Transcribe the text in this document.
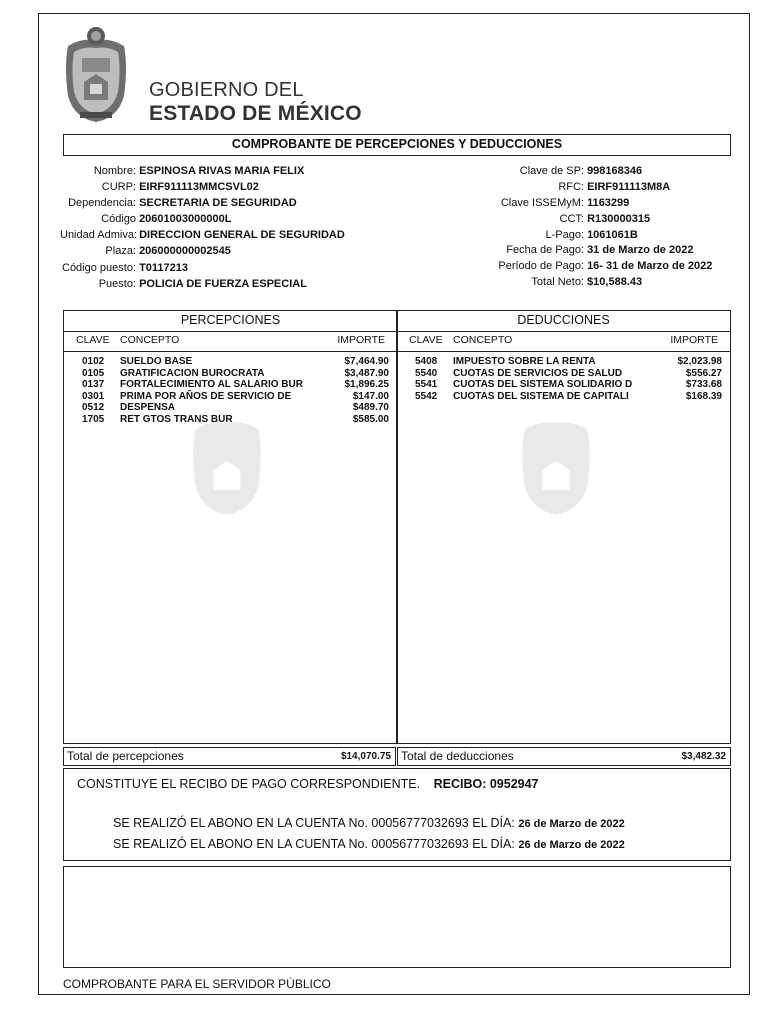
GOBIERNO DEL
ESTADO DE MÉXICO
COMPROBANTE DE PERCEPCIONES Y DEDUCCIONES
Nombre: ESPINOSA RIVAS MARIA FELIX
CURP: EIRF911113MMCSVL02
Dependencia: SECRETARIA DE SEGURIDAD
Código 20601003000000L
Unidad Admiva: DIRECCION GENERAL DE SEGURIDAD
Plaza: 206000000002545
Código puesto: T0117213
Puesto: POLICIA DE FUERZA ESPECIAL
Clave de SP: 998168346
RFC: EIRF911113M8A
Clave ISSEMyM: 1163299
CCT: R130000315
L-Pago: 1061061B
Fecha de Pago: 31 de Marzo de 2022
Período de Pago: 16- 31 de Marzo de 2022
Total Neto: $10,588.43
PERCEPCIONES
CLAVE CONCEPTO	IMPORTE
0102 SUELDO BASE	$7,464.90
0105 GRATIFICACION BUROCRATA	$3,487.90
0137 FORTALECIMIENTO AL SALARIO BUR	$1,896.25
0301 PRIMA POR AÑOS DE SERVICIO DE	$147.00
0512 DESPENSA	$489.70
1705 RET GTOS TRANS BUR	$585.00
DEDUCCIONES
CLAVE CONCEPTO	IMPORTE
5408 IMPUESTO SOBRE LA RENTA	$2,023.98
5540 CUOTAS DE SERVICIOS DE SALUD	$556.27
5541 CUOTAS DEL SISTEMA SOLIDARIO D	$733.68
5542 CUOTAS DEL SISTEMA DE CAPITALI	$168.39
Total de percepciones	$14,070.75 Total de deducciones	$3,482.32
CONSTITUYE EL RECIBO DE PAGO CORRESPONDIENTE. RECIBO: 0952947
SE REALIZÓ EL ABONO EN LA CUENTA No. 00056777032693 EL DÍA: 26 de Marzo de 2022
SE REALIZÓ EL ABONO EN LA CUENTA No. 00056777032693 EL DÍA: 26 de Marzo de 2022
COMPROBANTE PARA EL SERVIDOR PÚBLICO
